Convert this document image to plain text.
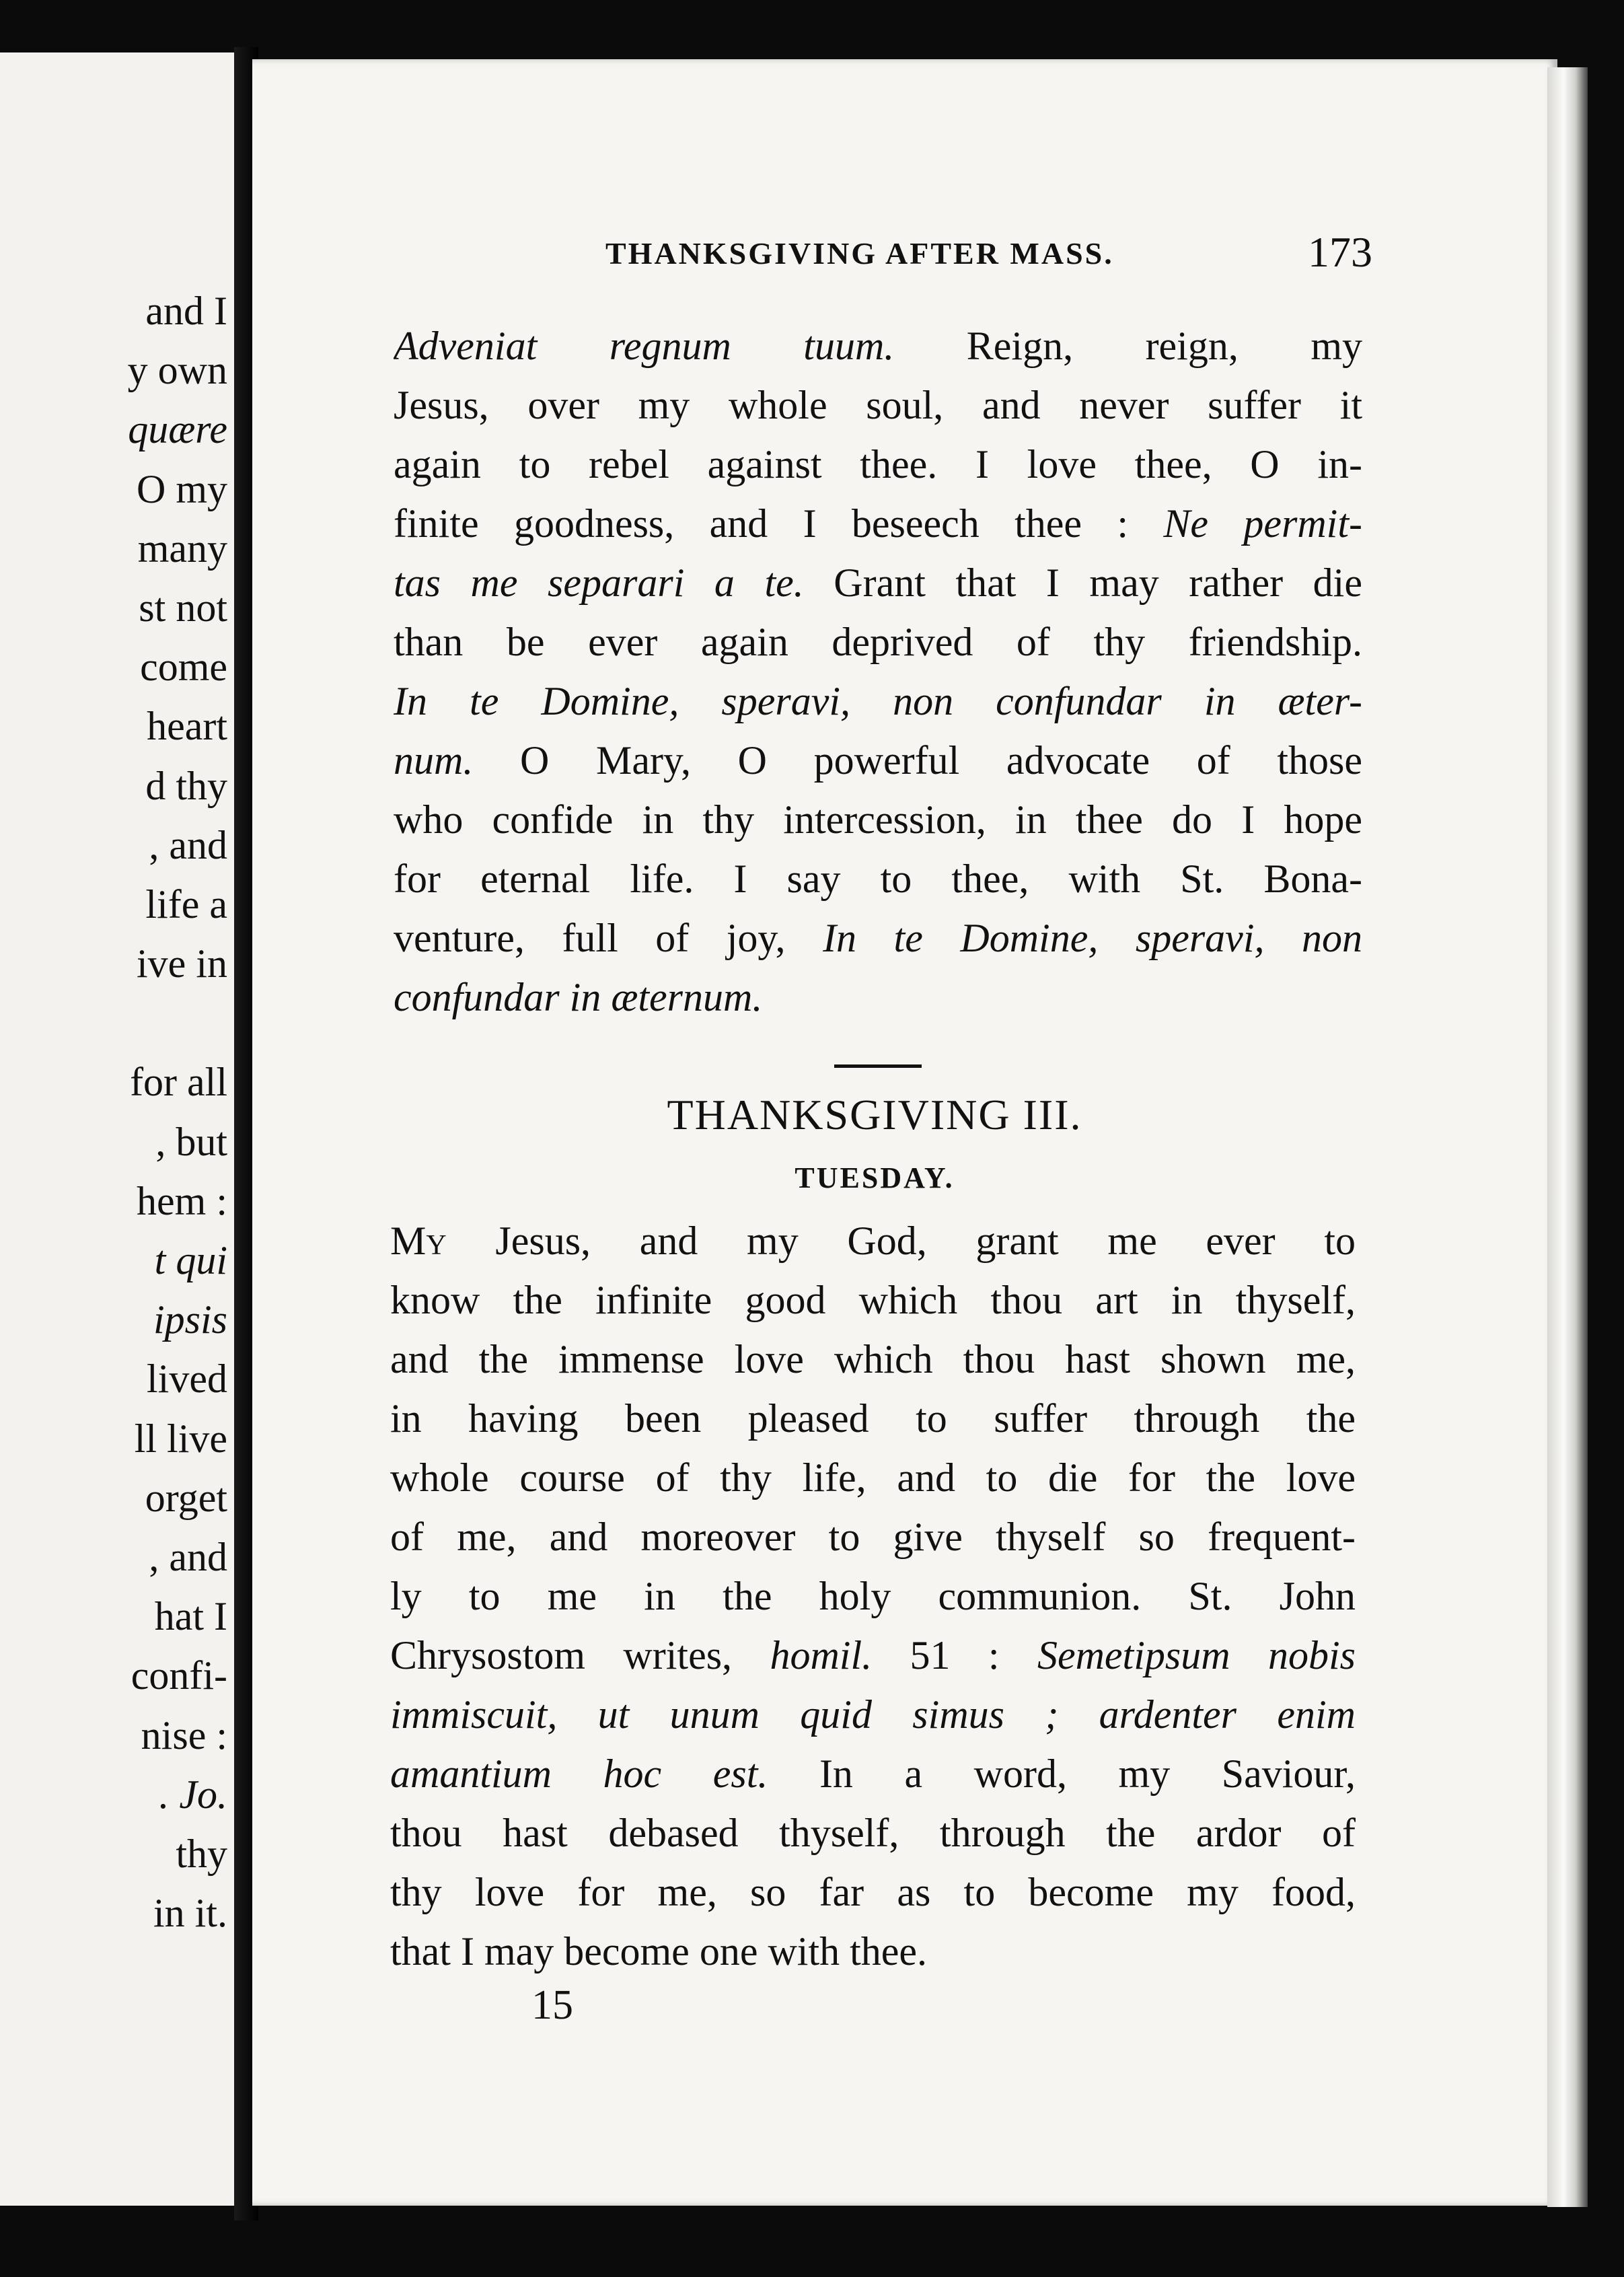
and I
y own
quære
O my
many
st not
come
heart
d thy
, and
life a
ive in
for all
, but
hem :
t qui
ipsis
lived
ll live
orget
, and
hat I
confi-
nise :
. Jo.
thy
in it.
THANKSGIVING AFTER MASS.	173
Adveniat regnum tuum. Reign, reign, my
Jesus, over my whole soul, and never suffer it
again to rebel against thee. I love thee, O in-
finite goodness, and I beseech thee : Ne permit-
tas me separari a te. Grant that I may rather die
than be ever again deprived of thy friendship.
In te Domine, speravi, non confundar in æter-
num. O Mary, O powerful advocate of those
who confide in thy intercession, in thee do I hope
for eternal life. I say to thee, with St. Bona-
venture, full of joy, In te Domine, speravi, non
confundar in æternum.
THANKSGIVING III.
TUESDAY.
My Jesus, and my God, grant me ever to
know the infinite good which thou art in thyself,
and the immense love which thou hast shown me,
in having been pleased to suffer through the
whole course of thy life, and to die for the love
of me, and moreover to give thyself so frequent-
ly to me in the holy communion. St. John
Chrysostom writes, homil. 51 : Semetipsum nobis
immiscuit, ut unum quid simus ; ardenter enim
amantium hoc est. In a word, my Saviour,
thou hast debased thyself, through the ardor of
thy love for me, so far as to become my food,
that I may become one with thee.
15
